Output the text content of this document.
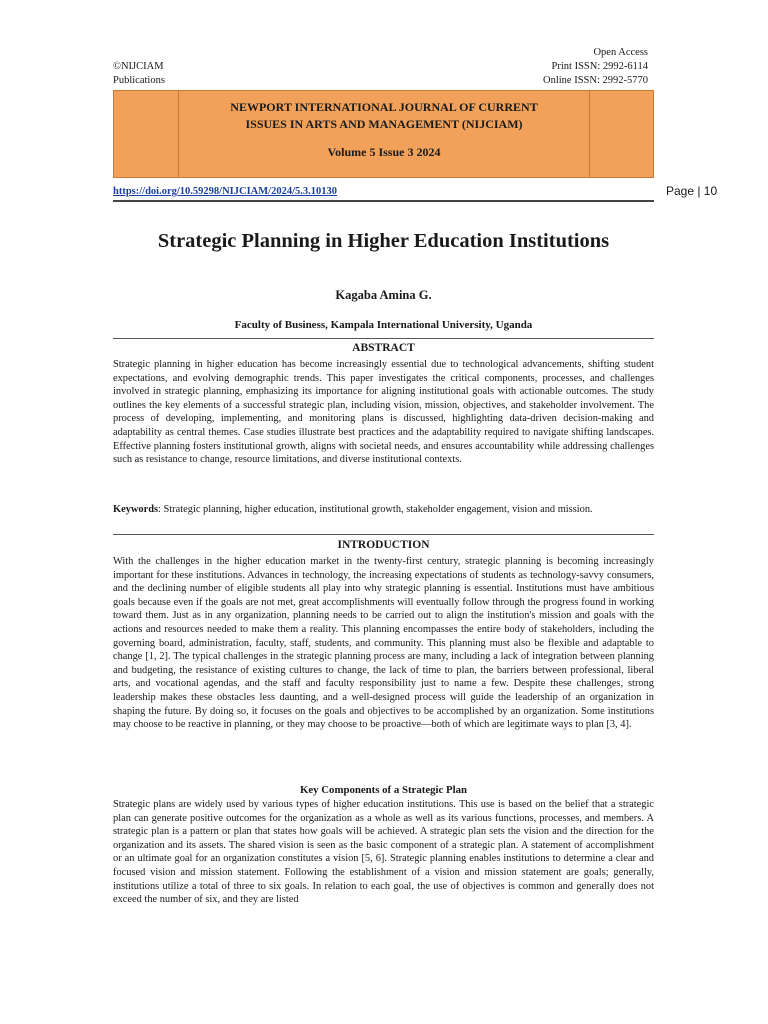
©NIJCIAM
Publications
Open Access
Print ISSN: 2992-6114
Online ISSN: 2992-5770
NEWPORT INTERNATIONAL JOURNAL OF CURRENT
ISSUES IN ARTS AND MANAGEMENT (NIJCIAM)
Volume 5 Issue 3 2024
https://doi.org/10.59298/NIJCIAM/2024/5.3.10130	Page | 10
Strategic Planning in Higher Education Institutions
Kagaba Amina G.
Faculty of Business, Kampala International University, Uganda
ABSTRACT
Strategic planning in higher education has become increasingly essential due to technological advancements, shifting student expectations, and evolving demographic trends. This paper investigates the critical components, processes, and challenges involved in strategic planning, emphasizing its importance for aligning institutional goals with actionable outcomes. The study outlines the key elements of a successful strategic plan, including vision, mission, objectives, and stakeholder involvement. The process of developing, implementing, and monitoring plans is discussed, highlighting data-driven decision-making and adaptability as central themes. Case studies illustrate best practices and the adaptability required to navigate shifting landscapes. Effective planning fosters institutional growth, aligns with societal needs, and ensures accountability while addressing challenges such as resistance to change, resource limitations, and diverse institutional contexts.
Keywords: Strategic planning, higher education, institutional growth, stakeholder engagement, vision and mission.
INTRODUCTION
With the challenges in the higher education market in the twenty-first century, strategic planning is becoming increasingly important for these institutions. Advances in technology, the increasing expectations of students as technology-savvy consumers, and the declining number of eligible students all play into why strategic planning is essential. Institutions must have ambitious goals because even if the goals are not met, great accomplishments will eventually follow through the progress found in working toward them. Just as in any organization, planning needs to be carried out to align the institution's mission and goals with the actions and resources needed to make them a reality. This planning encompasses the entire body of stakeholders, including the governing board, administration, faculty, staff, students, and community. This planning must also be flexible and adaptable to change [1, 2]. The typical challenges in the strategic planning process are many, including a lack of integration between planning and budgeting, the resistance of existing cultures to change, the lack of time to plan, the barriers between professional, liberal arts, and vocational agendas, and the staff and faculty responsibility just to name a few. Despite these challenges, strong leadership makes these obstacles less daunting, and a well-designed process will guide the leadership of an organization in shaping the future. By doing so, it focuses on the goals and objectives to be accomplished by an organization. Some institutions may choose to be reactive in planning, or they may choose to be proactive—both of which are legitimate ways to plan [3, 4].
Key Components of a Strategic Plan
Strategic plans are widely used by various types of higher education institutions. This use is based on the belief that a strategic plan can generate positive outcomes for the organization as a whole as well as its various functions, processes, and members. A strategic plan is a pattern or plan that states how goals will be achieved. A strategic plan sets the vision and the direction for the organization and its assets. The shared vision is seen as the basic component of a strategic plan. A statement of accomplishment or an ultimate goal for an organization constitutes a vision [5, 6]. Strategic planning enables institutions to determine a clear and focused vision and mission statement. Following the establishment of a vision and mission statement are goals; generally, institutions utilize a total of three to six goals. In relation to each goal, the use of objectives is common and generally does not exceed the number of six, and they are listed
